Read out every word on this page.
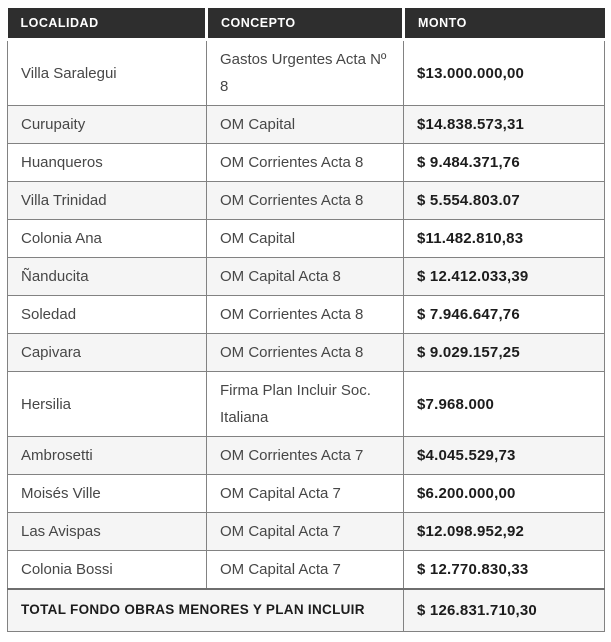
LOCALIDAD	CONCEPTO	MONTO
Villa Saralegui	Gastos Urgentes Acta Nº 8	$13.000.000,00
Curupaity	OM Capital	$14.838.573,31
Huanqueros	OM Corrientes Acta 8	$ 9.484.371,76
Villa Trinidad	OM Corrientes Acta 8	$ 5.554.803.07
Colonia Ana	OM Capital	$11.482.810,83
Ñanducita	OM Capital Acta 8	$ 12.412.033,39
Soledad	OM Corrientes Acta 8	$ 7.946.647,76
Capivara	OM Corrientes Acta 8	$ 9.029.157,25
Hersilia	Firma Plan Incluir Soc. Italiana	$7.968.000
Ambrosetti	OM Corrientes Acta 7	$4.045.529,73
Moisés Ville	OM Capital Acta 7	$6.200.000,00
Las Avispas	OM Capital Acta 7	$12.098.952,92
Colonia Bossi	OM Capital Acta 7	$ 12.770.830,33
TOTAL FONDO OBRAS MENORES Y PLAN INCLUIR		$ 126.831.710,30
